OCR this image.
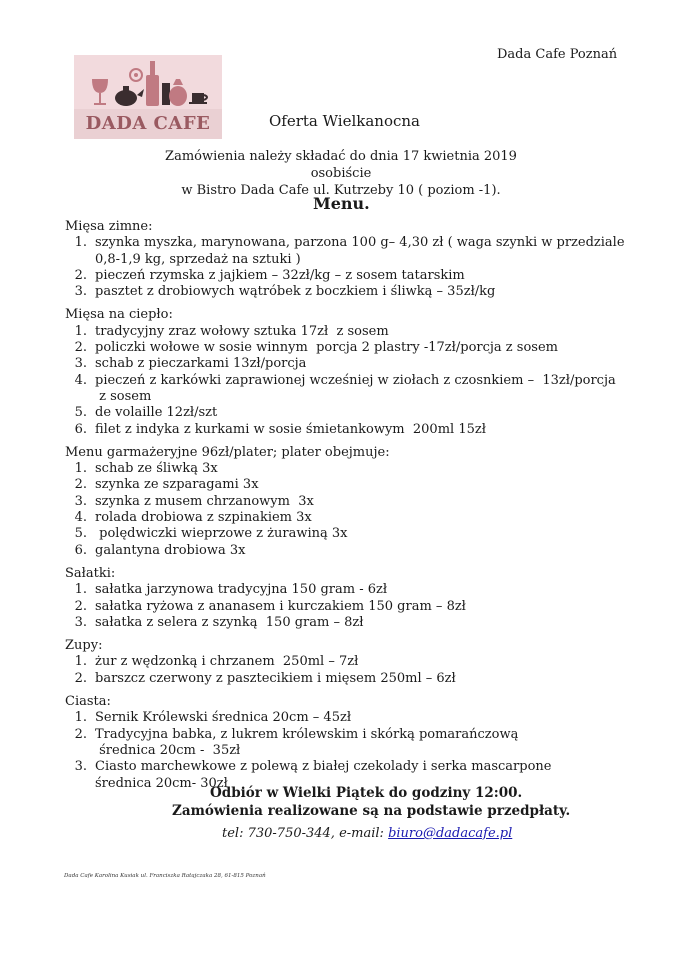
Dada Cafe Poznań
DADA CAFE	Oferta Wielkanocna
Zamówienia należy składać do dnia 17 kwietnia 2019 osobiście
w Bistro Dada Cafe ul. Kutrzeby 10 ( poziom -1).
Menu.
Mięsa zimne:
1. szynka myszka, marynowana, parzona 100 g– 4,30 zł ( waga szynki w przedziale
0,8-1,9 kg, sprzedaż na sztuki )
2. pieczeń rzymska z jajkiem – 32zł/kg – z sosem tatarskim
3. pasztet z drobiowych wątróbek z boczkiem i śliwką – 35zł/kg
Mięsa na ciepło:
1. tradycyjny zraz wołowy sztuka 17zł  z sosem
2. policzki wołowe w sosie winnym  porcja 2 plastry -17zł/porcja z sosem
3. schab z pieczarkami 13zł/porcja
4. pieczeń z karkówki zaprawionej wcześniej w ziołach z czosnkiem –  13zł/porcja
z sosem
5. de volaille 12zł/szt
6. filet z indyka z kurkami w sosie śmietankowym  200ml 15zł
Menu garmażeryjne 96zł/plater; plater obejmuje:
1. schab ze śliwką 3x
2. szynka ze szparagami 3x
3. szynka z musem chrzanowym  3x
4. rolada drobiowa z szpinakiem 3x
5. polędwiczki wieprzowe z żurawiną 3x
6. galantyna drobiowa 3x
Sałatki:
1. sałatka jarzynowa tradycyjna 150 gram - 6zł
2. sałatka ryżowa z ananasem i kurczakiem 150 gram – 8zł
3. sałatka z selera z szynką  150 gram – 8zł
Zupy:
1. żur z wędzonką i chrzanem  250ml – 7zł
2. barszcz czerwony z pasztecikiem i mięsem 250ml – 6zł
Ciasta:
1. Sernik Królewski średnica 20cm – 45zł
2. Tradycyjna babka, z lukrem królewskim i skórką pomarańczową
średnica 20cm -  35zł
3. Ciasto marchewkowe z polewą z białej czekolady i serka mascarpone
średnica 20cm- 30zł
Odbiór w Wielki Piątek do godziny 12:00.
Zamówienia realizowane są na podstawie przedpłaty.
tel: 730-750-344, e-mail: biuro@dadacafe.pl
Dada Cafe Karolina Kusiak ul. Franciszka Ratajczaka 28, 61-815 Poznań
